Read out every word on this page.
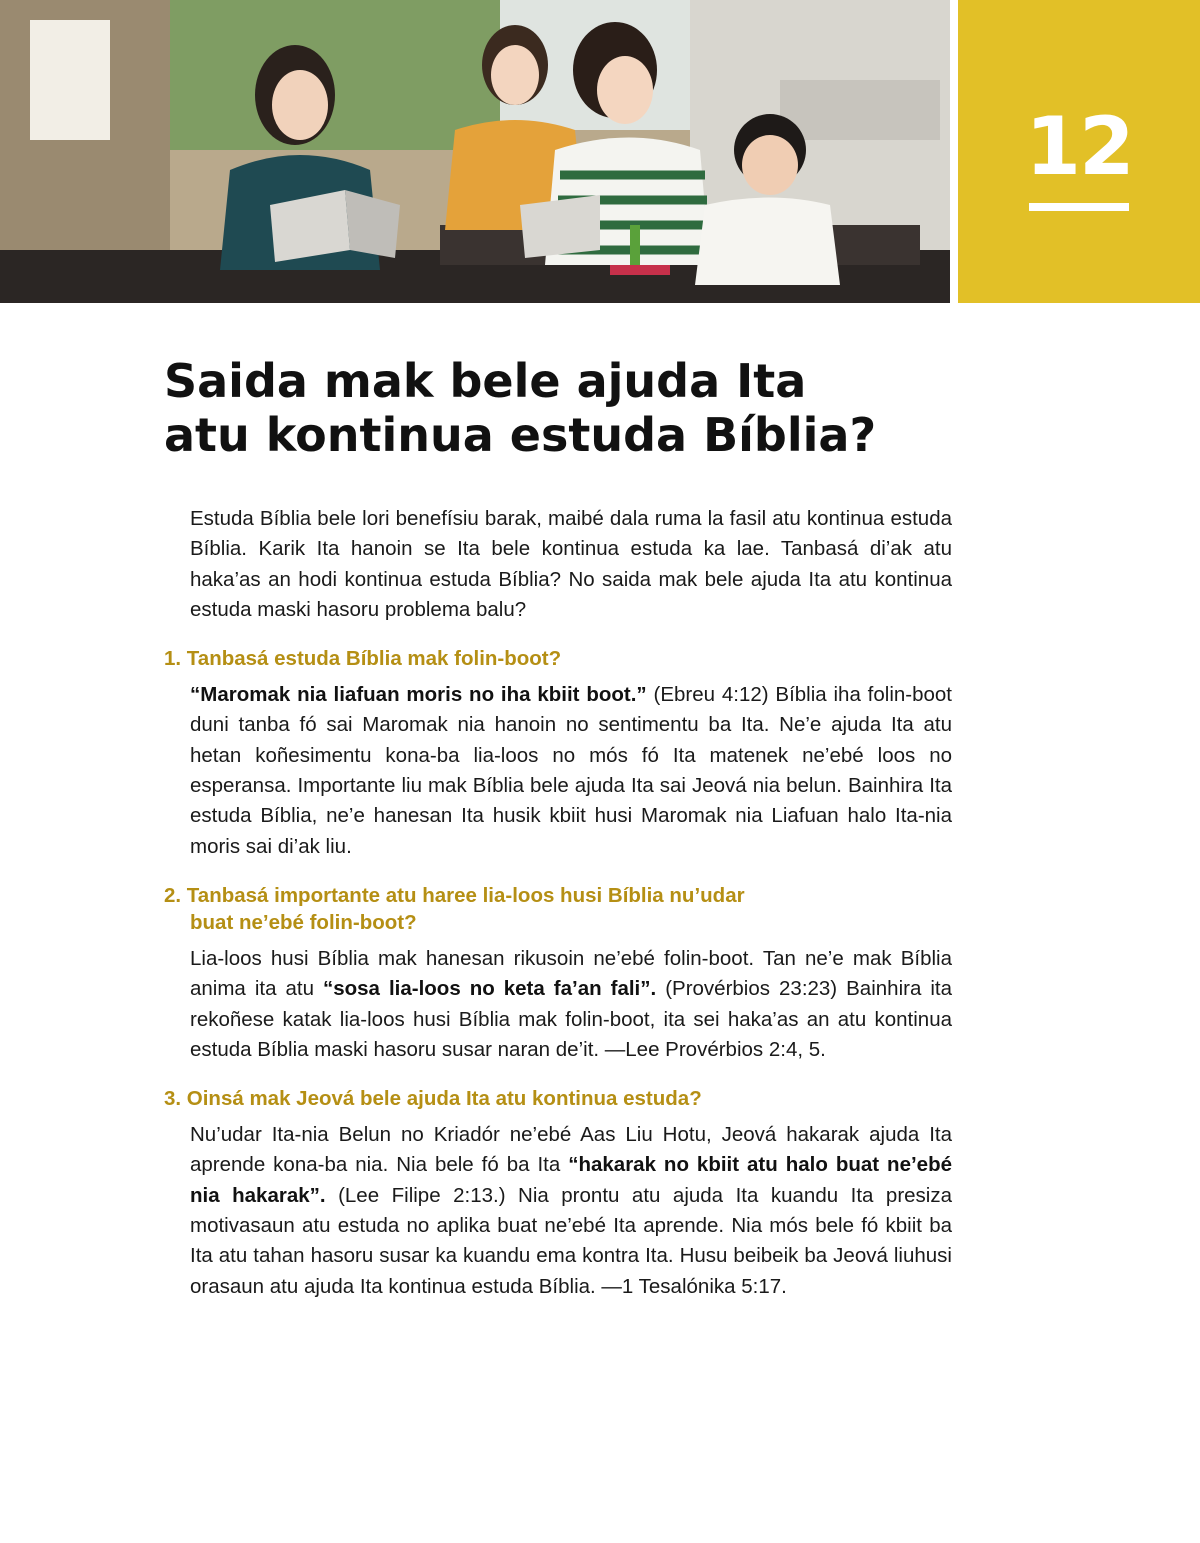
12
Saida mak bele ajuda Ita
atu kontinua estuda Bíblia?

Estuda Bíblia bele lori benefísiu barak, maibé dala ruma la fasil atu kontinua estuda Bíblia. Karik Ita hanoin se Ita bele kontinua estuda ka lae. Tanbasá di’ak atu haka’as an hodi kontinua estuda Bíblia? No saida mak bele ajuda Ita atu kontinua estuda maski hasoru problema balu?

1. Tanbasá estuda Bíblia mak folin-boot?

“Maromak nia liafuan moris no iha kbiit boot.” (Ebreu 4:12) Bíblia iha folin-boot duni tanba fó sai Maromak nia hanoin no sentimentu ba Ita. Ne’e ajuda Ita atu hetan koñesimentu kona-ba lia-loos no mós fó Ita matenek ne’ebé loos no esperansa. Importante liu mak Bíblia bele ajuda Ita sai Jeová nia belun. Bainhira Ita estuda Bíblia, ne’e hanesan Ita husik kbiit husi Maromak nia Liafuan halo Ita-nia moris sai di’ak liu.

2. Tanbasá importante atu haree lia-loos husi Bíblia nu’udar
buat ne’ebé folin-boot?

Lia-loos husi Bíblia mak hanesan rikusoin ne’ebé folin-boot. Tan ne’e mak Bíblia anima ita atu “sosa lia-loos no keta fa’an fali”. (Provérbios 23:23) Bainhira ita rekoñese katak lia-loos husi Bíblia mak folin-boot, ita sei haka’as an atu kontinua estuda Bíblia maski hasoru susar naran de’it. —Lee Provérbios 2:4, 5.

3. Oinsá mak Jeová bele ajuda Ita atu kontinua estuda?

Nu’udar Ita-nia Belun no Kriadór ne’ebé Aas Liu Hotu, Jeová hakarak ajuda Ita aprende kona-ba nia. Nia bele fó ba Ita “hakarak no kbiit atu halo buat ne’ebé nia hakarak”. (Lee Filipe 2:13.) Nia prontu atu ajuda Ita kuandu Ita presiza motivasaun atu estuda no aplika buat ne’ebé Ita aprende. Nia mós bele fó kbiit ba Ita atu tahan hasoru susar ka kuandu ema kontra Ita. Husu beibeik ba Jeová liuhusi orasaun atu ajuda Ita kontinua estuda Bíblia. —1 Tesalónika 5:17.
